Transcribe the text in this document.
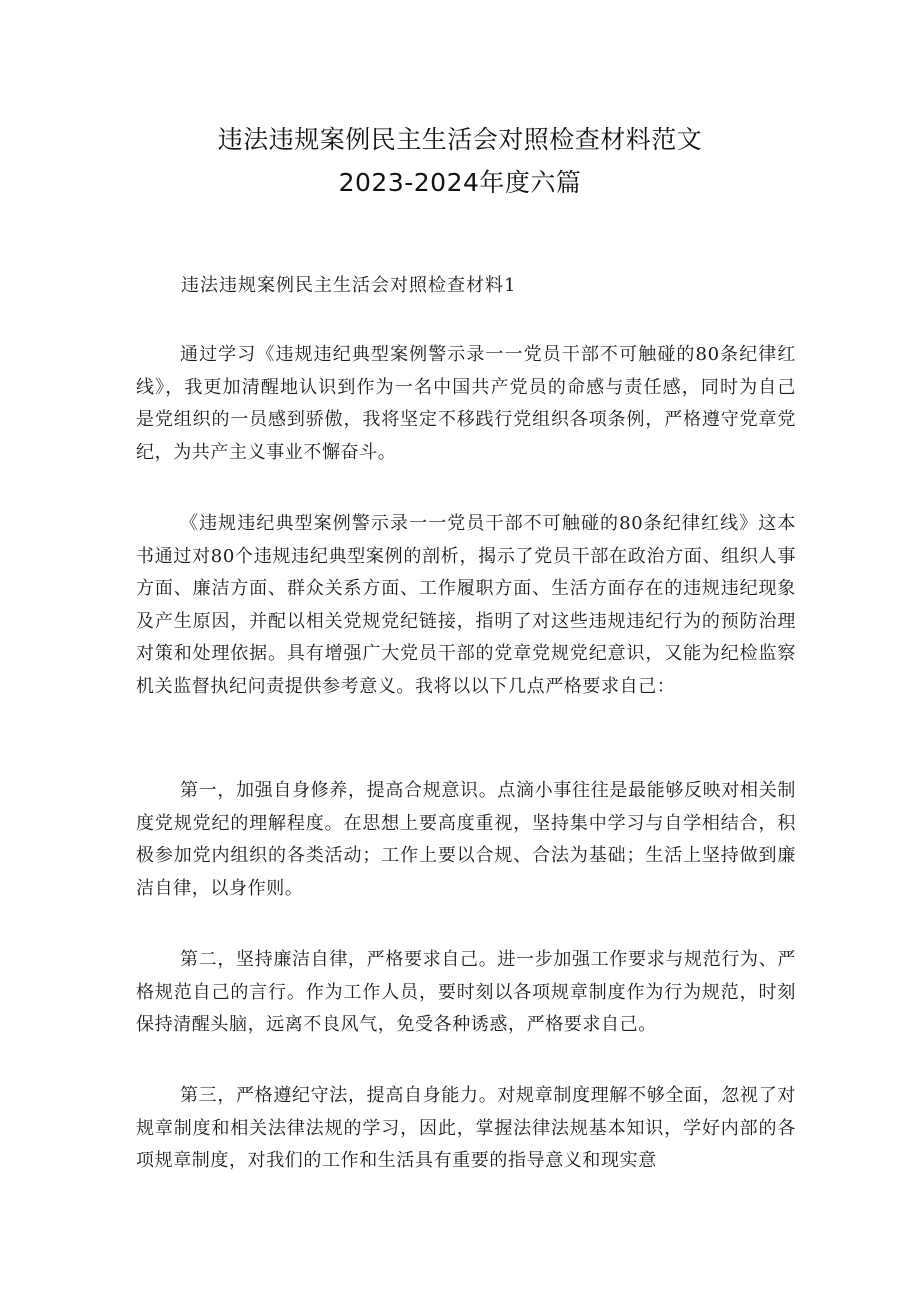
违法违规案例民主生活会对照检查材料范文
2023-2024年度六篇
违法违规案例民主生活会对照检查材料1

通过学习《违规违纪典型案例警示录一一党员干部不可触碰的80条纪律红线》，我更加清醒地认识到作为一名中国共产党员的命感与责任感，同时为自己是党组织的一员感到骄傲，我将坚定不移践行党组织各项条例，严格遵守党章党纪，为共产主义事业不懈奋斗。

《违规违纪典型案例警示录一一党员干部不可触碰的80条纪律红线》这本书通过对80个违规违纪典型案例的剖析，揭示了党员干部在政治方面、组织人事方面、廉洁方面、群众关系方面、工作履职方面、生活方面存在的违规违纪现象及产生原因，并配以相关党规党纪链接，指明了对这些违规违纪行为的预防治理对策和处理依据。具有增强广大党员干部的党章党规党纪意识，又能为纪检监察机关监督执纪问责提供参考意义。我将以以下几点严格要求自己：

第一，加强自身修养，提高合规意识。点滴小事往往是最能够反映对相关制度党规党纪的理解程度。在思想上要高度重视，坚持集中学习与自学相结合，积极参加党内组织的各类活动；工作上要以合规、合法为基础；生活上坚持做到廉洁自律，以身作则。

第二，坚持廉洁自律，严格要求自己。进一步加强工作要求与规范行为、严格规范自己的言行。作为工作人员，要时刻以各项规章制度作为行为规范，时刻保持清醒头脑，远离不良风气，免受各种诱惑，严格要求自己。

第三，严格遵纪守法，提高自身能力。对规章制度理解不够全面，忽视了对规章制度和相关法律法规的学习，因此，掌握法律法规基本知识，学好内部的各项规章制度，对我们的工作和生活具有重要的指导意义和现实意
